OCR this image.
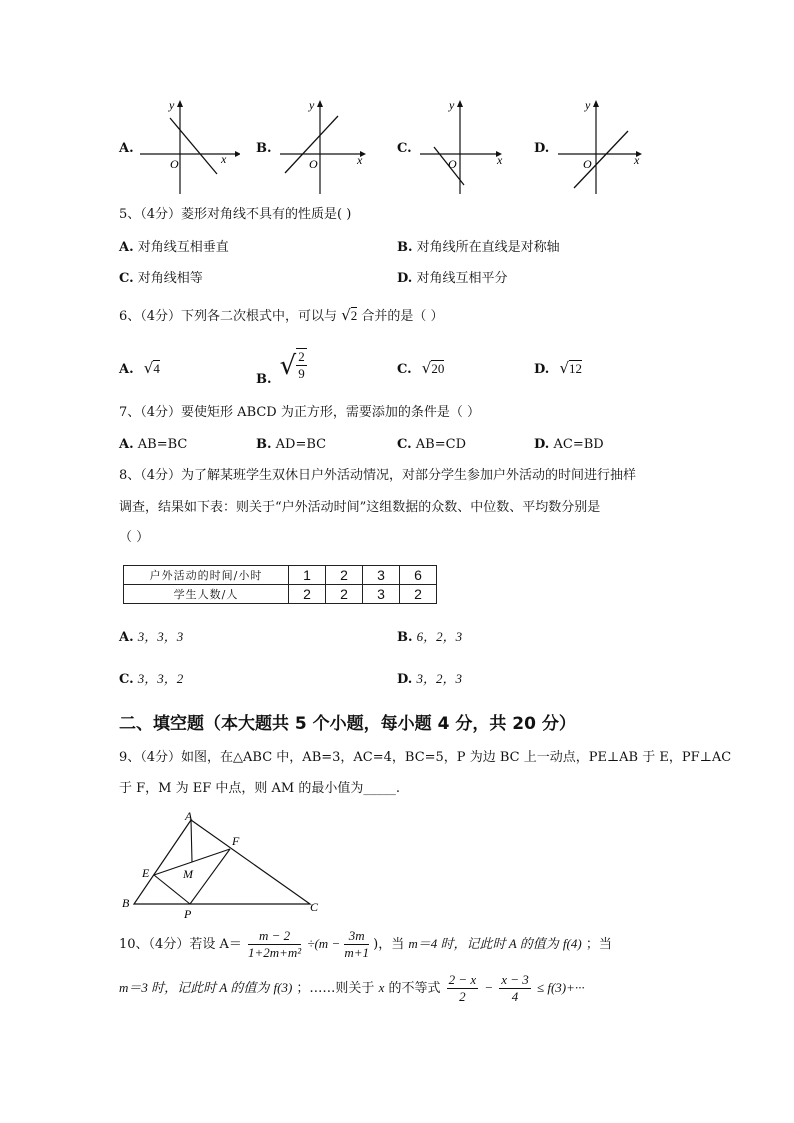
A.	B.	C.	D.
y
x
O
y
x
O
y
x
O
y
x
O
5、（4分）菱形对角线不具有的性质是( )
A. 对角线互相垂直	B. 对角线所在直线是对称轴
C. 对角线相等	D. 对角线互相平分
6、（4分）下列各二次根式中，可以与 √2 合并的是（ ）
A. √4
B. √ $\frac{2}{9}$	C. √20	D. √12
7、（4分）要使矩形 ABCD 为正方形，需要添加的条件是（ ）
A. AB=BC	B. AD=BC	C. AB=CD	D. AC=BD
8、（4分）为了解某班学生双休日户外活动情况，对部分学生参加户外活动的时间进行抽样
调查，结果如下表：则关于“户外活动时间”这组数据的众数、中位数、平均数分别是
（ ）
户外活动的时间/小时	1	2	3	6
学生人数/人	2	2	3	2
A. 3，3，3	B. 6，2，3
C. 3，3，2	D. 3，2，3
二、填空题（本大题共 5 个小题，每小题 4 分，共 20 分）
9、（4分）如图，在△ABC 中，AB=3，AC=4，BC=5，P 为边 BC 上一动点，PE⊥AB 于 E，PF⊥AC
于 F，M 为 EF 中点，则 AM 的最小值为_____.
A
B	C
E
F
M
P
10、（4分）若设 $A= \frac{m - 2}{\text{1+2m+m²}} \div(m - \frac{3m}{m+1}$ )，当 m＝4 时，记此时 A 的值为 f(4) ；当
m＝3 时，记此时 A 的值为 f(3) ；……则关于 x 的不等式 $\frac{2 - x}{2} - \frac{x - 3}{4} \le f(3)+\cdot\cdot\cdot$
